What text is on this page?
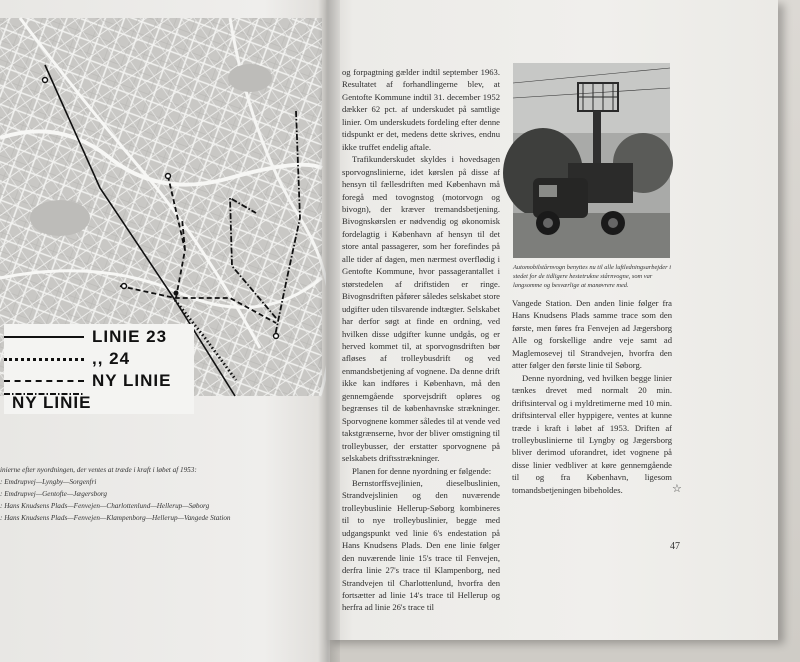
LINIE 23
,, 24
NY LINIE
NY LINIE
inierne efter nyordningen, der ventes at træde i kraft i løbet af 1953:
: Emdrupvej—Lyngby—Sorgenfri
: Emdrupvej—Gentofte—Jægersborg
: Hans Knudsens Plads—Fenvejen—Charlottenlund—Hellerup—Søborg
: Hans Knudsens Plads—Fenvejen—Klampenborg—Hellerup—Vangede Station

og forpagtning gælder indtil september 1963. Resultatet af forhandlingerne blev, at Gentofte Kommune indtil 31. december 1952 dækker 62 pct. af underskudet på samtlige linier. Om underskudets fordeling efter denne tidspunkt er det, medens dette skrives, endnu ikke truffet endelig aftale.

Trafikunderskudet skyldes i hovedsagen sporvognslinierne, idet kørslen på disse af hensyn til fællesdriften med København må foregå med tovognstog (motorvogn og bivogn), der kræver tremandsbetjening. Bivognskørslen er nødvendig og økonomisk fordelagtig i København af hensyn til det store antal passagerer, som her forefindes på alle tider af dagen, men nærmest overflødig i Gentofte Kommune, hvor passagerantallet i størstedelen af driftstiden er ringe. Bivognsdriften påfører således selskabet store udgifter uden tilsvarende indtægter. Selskabet har derfor søgt at finde en ordning, ved hvilken disse udgifter kunne undgås, og er herved kommet til, at sporvognsdriften bør afløses af trolleybusdrift og ved enmandsbetjening af vognene. Da denne drift ikke kan indføres i København, må den gennemgående sporvejsdrift opløres og begrænses til de københavnske strækninger. Sporvognene kommer således til at vende ved takstgrænserne, hvor der bliver omstigning til trolleybusser, der erstatter sporvognene på selskabets driftsstrækninger.

Planen for denne nyordning er følgende:

Bernstorffsvejlinien, dieselbuslinien, Strandvejslinien og den nuværende trolleybuslinie Hellerup-Søborg kombineres til to nye trolleybuslinier, begge med udgangspunkt ved linie 6's endestation på Hans Knudsens Plads. Den ene linie følger den nuværende linie 15's trace til Fenvejen, derfra linie 27's trace til Klampenborg, ned Strandvejen til Charlottenlund, hvorfra den fortsætter ad linie 14's trace til Hellerup og herfra ad linie 26's trace til

Automobilstårnvogn benyttes nu til alle luftledningsarbejder i stedet for de tidligere hestetrukne stårnvogne, som var langsomme og besværlige at manøvrere med.

Vangede Station. Den anden linie følger fra Hans Knudsens Plads samme trace som den første, men føres fra Fenvejen ad Jægersborg Alle og forskellige andre veje samt ad Maglemosevej til Strandvejen, hvorfra den atter følger den første linie til Søborg.

Denne nyordning, ved hvilken begge linier tænkes drevet med normalt 20 min. driftsinterval og i myldretimerne med 10 min. driftsinterval eller hyppigere, ventes at kunne træde i kraft i løbet af 1953. Driften af trolleybuslinierne til Lyngby og Jægersborg bliver derimod uforandret, idet vognene på disse linier vedbliver at køre gennemgående til og fra København, ligesom tomandsbetjeningen bibeholdes.	☆
47
